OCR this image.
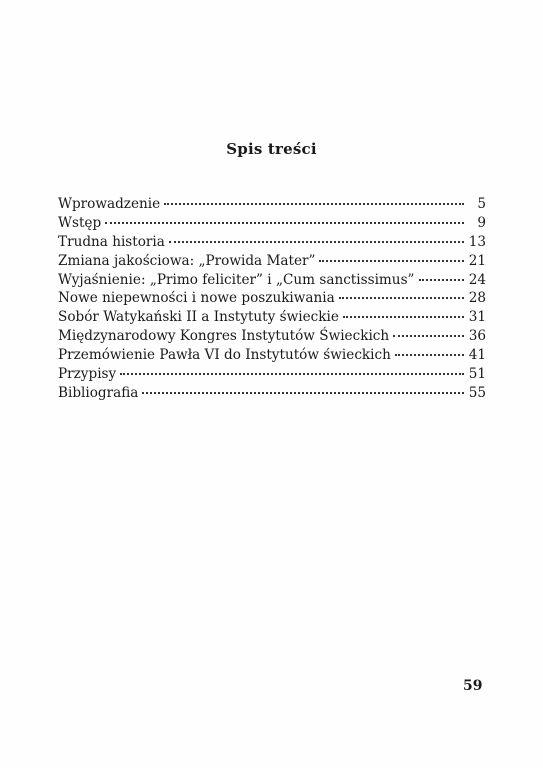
Spis treści
Wprowadzenie	5
Wstęp	9
Trudna historia	13
Zmiana jakościowa: „Prowida Mater”	21
Wyjaśnienie: „Primo feliciter” i „Cum sanctissimus”	24
Nowe niepewności i nowe poszukiwania	28
Sobór Watykański II a Instytuty świeckie	31
Międzynarodowy Kongres Instytutów Świeckich	36
Przemówienie Pawła VI do Instytutów świeckich	41
Przypisy	51
Bibliografia	55
59
